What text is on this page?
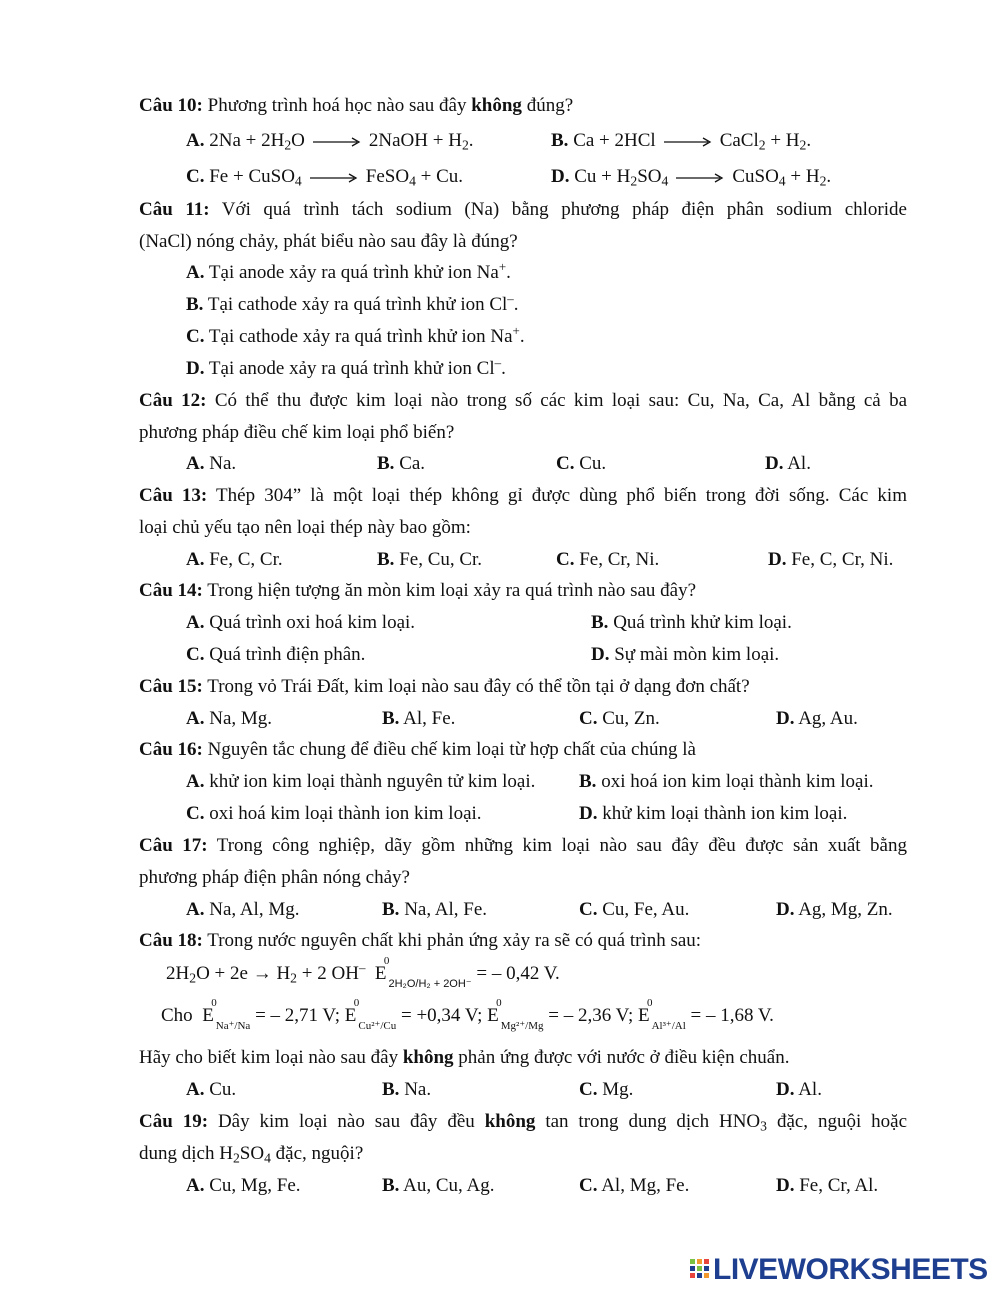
Câu 10: Phương trình hoá học nào sau đây không đúng?
A. $2Na + 2H_2O$ → 2NaOH + $H_2$.	B. Ca + 2HCl → CaCl$_2$ + $H_2$.
C. Fe + CuSO$_4$ → FeSO$_4$ + Cu.	D. $Cu + H_2SO_4$ → CuSO$_4$ + $H_2$.
Câu 11: Với quá trình tách sodium (Na) bằng phương pháp điện phân sodium chloride
(NaCl) nóng chảy, phát biểu nào sau đây là đúng?
A. Tại anode xảy ra quá trình khử ion Na+.
B. Tại cathode xảy ra quá trình khử ion Cl–.
C. Tại cathode xảy ra quá trình khử ion Na+.
D. Tại anode xảy ra quá trình khử ion Cl–.
Câu 12: Có thể thu được kim loại nào trong số các kim loại sau: Cu, Na, Ca, Al bằng cả ba
phương pháp điều chế kim loại phổ biến?
A. Na.	B. Ca.	C. Cu.	D. Al.
Câu 13: Thép 304” là một loại thép không gỉ được dùng phổ biến trong đời sống. Các kim
loại chủ yếu tạo nên loại thép này bao gồm:
A. Fe, C, Cr.	B. Fe, Cu, Cr.	C. Fe, Cr, Ni.	D. Fe, C, Cr, Ni.
Câu 14: Trong hiện tượng ăn mòn kim loại xảy ra quá trình nào sau đây?
A. Quá trình oxi hoá kim loại.	B. Quá trình khử kim loại.
C. Quá trình điện phân.	D. Sự mài mòn kim loại.
Câu 15: Trong vỏ Trái Đất, kim loại nào sau đây có thể tồn tại ở dạng đơn chất?
A. Na, Mg.	B. Al, Fe.	C. Cu, Zn.	D. Ag, Au.
Câu 16: Nguyên tắc chung để điều chế kim loại từ hợp chất của chúng là
A. khử ion kim loại thành nguyên tử kim loại. B. oxi hoá ion kim loại thành kim loại.
C. oxi hoá kim loại thành ion kim loại.	D. khử kim loại thành ion kim loại.
Câu 17: Trong công nghiệp, dãy gồm những kim loại nào sau đây đều được sản xuất bằng
phương pháp điện phân nóng chảy?
A. Na, Al, Mg.	B. Na, Al, Fe.	C. Cu, Fe, Au.	D. Ag, Mg, Zn.
Câu 18: Trong nước nguyên chất khi phản ứng xảy ra sẽ có quá trình sau:
$2H_2O + 2e \to H_2 + 2$ OH– E
0
$_{2H_2O/H_2 + 2OH^-}$ = – 0,42 V.
Cho E
0
$_{Na^+/Na}$ = – 2,71 V; E
0
$_{Cu^{2+}/Cu}$ = +0,34 V; E
0
$_{Mg^{2+}/Mg}$ = – 2,36 V; E
0
$_{Al^{3+}/Al}$ = – 1,68 V.
Hãy cho biết kim loại nào sau đây không phản ứng được với nước ở điều kiện chuẩn.
A. Cu.	B. Na.	C. Mg.	D. Al.
Câu 19: Dây kim loại nào sau đây đều không tan trong dung dịch $HNO_3$ đặc, nguội hoặc
dung dịch $H_2SO_4$ đặc, nguội?
A. Cu, Mg, Fe.	B. Au, Cu, Ag.	C. Al, Mg, Fe.	D. Fe, Cr, Al.
LIVEWORKSHEETS
